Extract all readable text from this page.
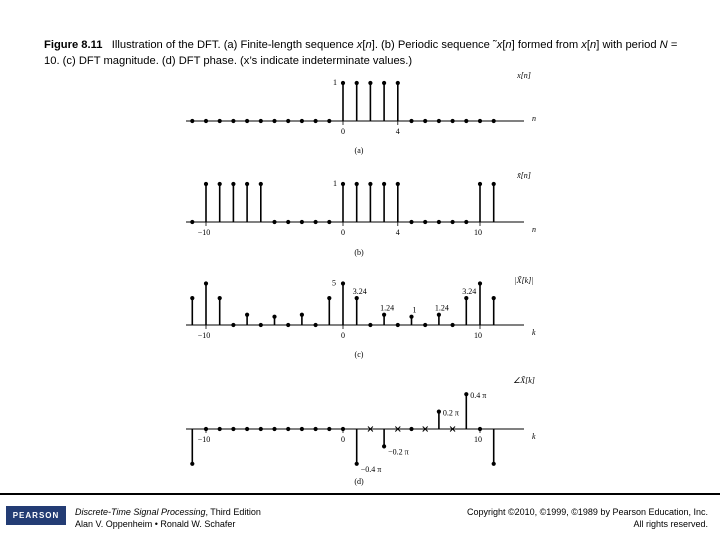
Figure 8.11 Illustration of the DFT. (a) Finite-length sequence x[n]. (b) Periodic sequence ˜x[n] formed from x[n] with period N = 10. (c) DFT magnitude. (d) DFT phase. (x’s indicate indeterminate values.)
0	4
n
x[n]
(a)
1
−10	0	4	10	n
x̃[n]
(b)
1
−10	0	10	k
|X̃[k]|
(c)
5
3.24
1.24 1 1.24
3.24
−10	0	10	k
∠X̃[k]
(d)
0.4 π
0.2 π
−0.2 π
−0.4 π
PEARSON Discrete-Time Signal Processing, Third Edition
Alan V. Oppenheim • Ronald W. Schafer
Copyright ©2010, ©1999, ©1989 by Pearson Education, Inc.
All rights reserved.
